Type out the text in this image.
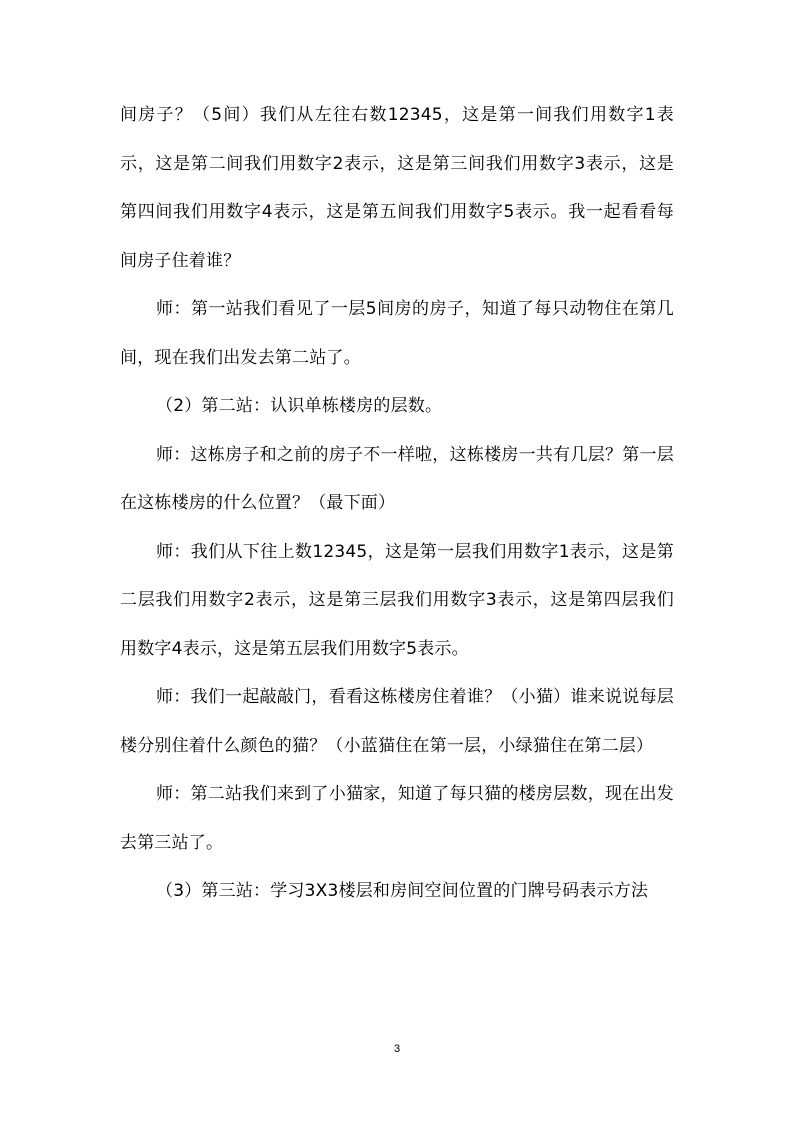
间房子？（5间）我们从左往右数12345，这是第一间我们用数字1表示，这是第二间我们用数字2表示，这是第三间我们用数字3表示，这是第四间我们用数字4表示，这是第五间我们用数字5表示。我一起看看每间房子住着谁？

师：第一站我们看见了一层5间房的房子，知道了每只动物住在第几间，现在我们出发去第二站了。

（2）第二站：认识单栋楼房的层数。

师：这栋房子和之前的房子不一样啦，这栋楼房一共有几层？第一层在这栋楼房的什么位置？（最下面）

师：我们从下往上数12345，这是第一层我们用数字1表示，这是第二层我们用数字2表示，这是第三层我们用数字3表示，这是第四层我们用数字4表示，这是第五层我们用数字5表示。

师：我们一起敲敲门，看看这栋楼房住着谁？（小猫）谁来说说每层楼分别住着什么颜色的猫？（小蓝猫住在第一层，小绿猫住在第二层）

师：第二站我们来到了小猫家，知道了每只猫的楼房层数，现在出发去第三站了。

（3）第三站：学习3X3楼层和房间空间位置的门牌号码表示方法

3
